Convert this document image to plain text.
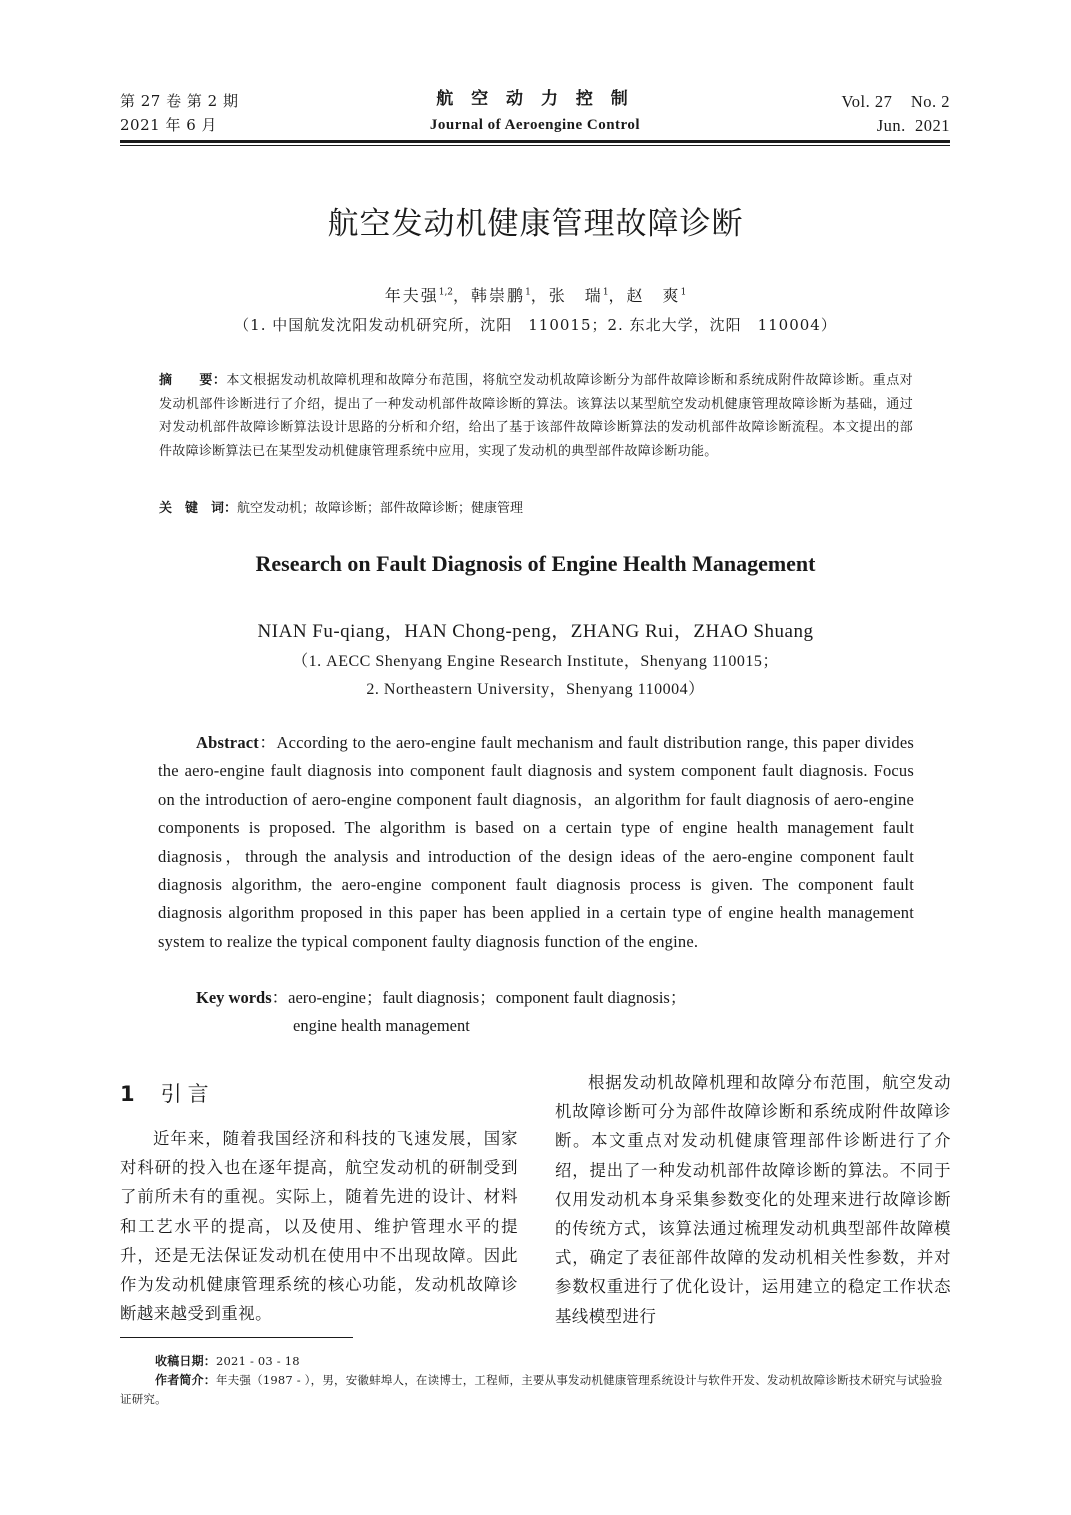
第 27 卷 第 2 期
2021 年 6 月
航 空 动 力 控 制
Journal of Aeroengine Control
Vol. 27    No. 2
Jun.  2021
航空发动机健康管理故障诊断
年夫强$^{1,2}$，韩崇鹏$^1$，张　瑞$^1$，赵　爽$^1$
（1. 中国航发沈阳发动机研究所，沈阳　110015；2. 东北大学，沈阳　110004）
摘　　要：本文根据发动机故障机理和故障分布范围，将航空发动机故障诊断分为部件故障诊断和系统成附件故障诊断。重点对发动机部件诊断进行了介绍，提出了一种发动机部件故障诊断的算法。该算法以某型航空发动机健康管理故障诊断为基础，通过对发动机部件故障诊断算法设计思路的分析和介绍，给出了基于该部件故障诊断算法的发动机部件故障诊断流程。本文提出的部件故障诊断算法已在某型发动机健康管理系统中应用，实现了发动机的典型部件故障诊断功能。
关　键　词：航空发动机；故障诊断；部件故障诊断；健康管理
Research on Fault Diagnosis of Engine Health Management
NIAN Fu-qiang，HAN Chong-peng，ZHANG Rui，ZHAO Shuang
（1. AECC Shenyang Engine Research Institute，Shenyang 110015；
2. Northeastern University，Shenyang 110004）
Abstract：According to the aero-engine fault mechanism and fault distribution range, this paper divides the aero-engine fault diagnosis into component fault diagnosis and system component fault diagnosis. Focus on the introduction of aero-engine component fault diagnosis，an algorithm for fault diagnosis of aero-engine components is proposed. The algorithm is based on a certain type of engine health management fault diagnosis，through the analysis and introduction of the design ideas of the aero-engine component fault diagnosis algorithm, the aero-engine component fault diagnosis process is given. The component fault diagnosis algorithm proposed in this paper has been applied in a certain type of engine health management system to realize the typical component faulty diagnosis function of the engine.
Key words：aero-engine；fault diagnosis；component fault diagnosis；
engine health management
1 引言
近年来，随着我国经济和科技的飞速发展，国家对科研的投入也在逐年提高，航空发动机的研制受到了前所未有的重视。实际上，随着先进的设计、材料和工艺水平的提高，以及使用、维护管理水平的提升，还是无法保证发动机在使用中不出现故障。因此作为发动机健康管理系统的核心功能，发动机故障诊断越来越受到重视。
根据发动机故障机理和故障分布范围，航空发动机故障诊断可分为部件故障诊断和系统成附件故障诊断。本文重点对发动机健康管理部件诊断进行了介绍，提出了一种发动机部件故障诊断的算法。不同于仅用发动机本身采集参数变化的处理来进行故障诊断的传统方式，该算法通过梳理发动机典型部件故障模式，确定了表征部件故障的发动机相关性参数，并对参数权重进行了优化设计，运用建立的稳定工作状态基线模型进行
收稿日期：2021 - 03 - 18
作者简介：年夫强（1987 - ），男，安徽蚌埠人，在读博士，工程师，主要从事发动机健康管理系统设计与软件开发、发动机故障诊断技术研究与试验验证研究。
